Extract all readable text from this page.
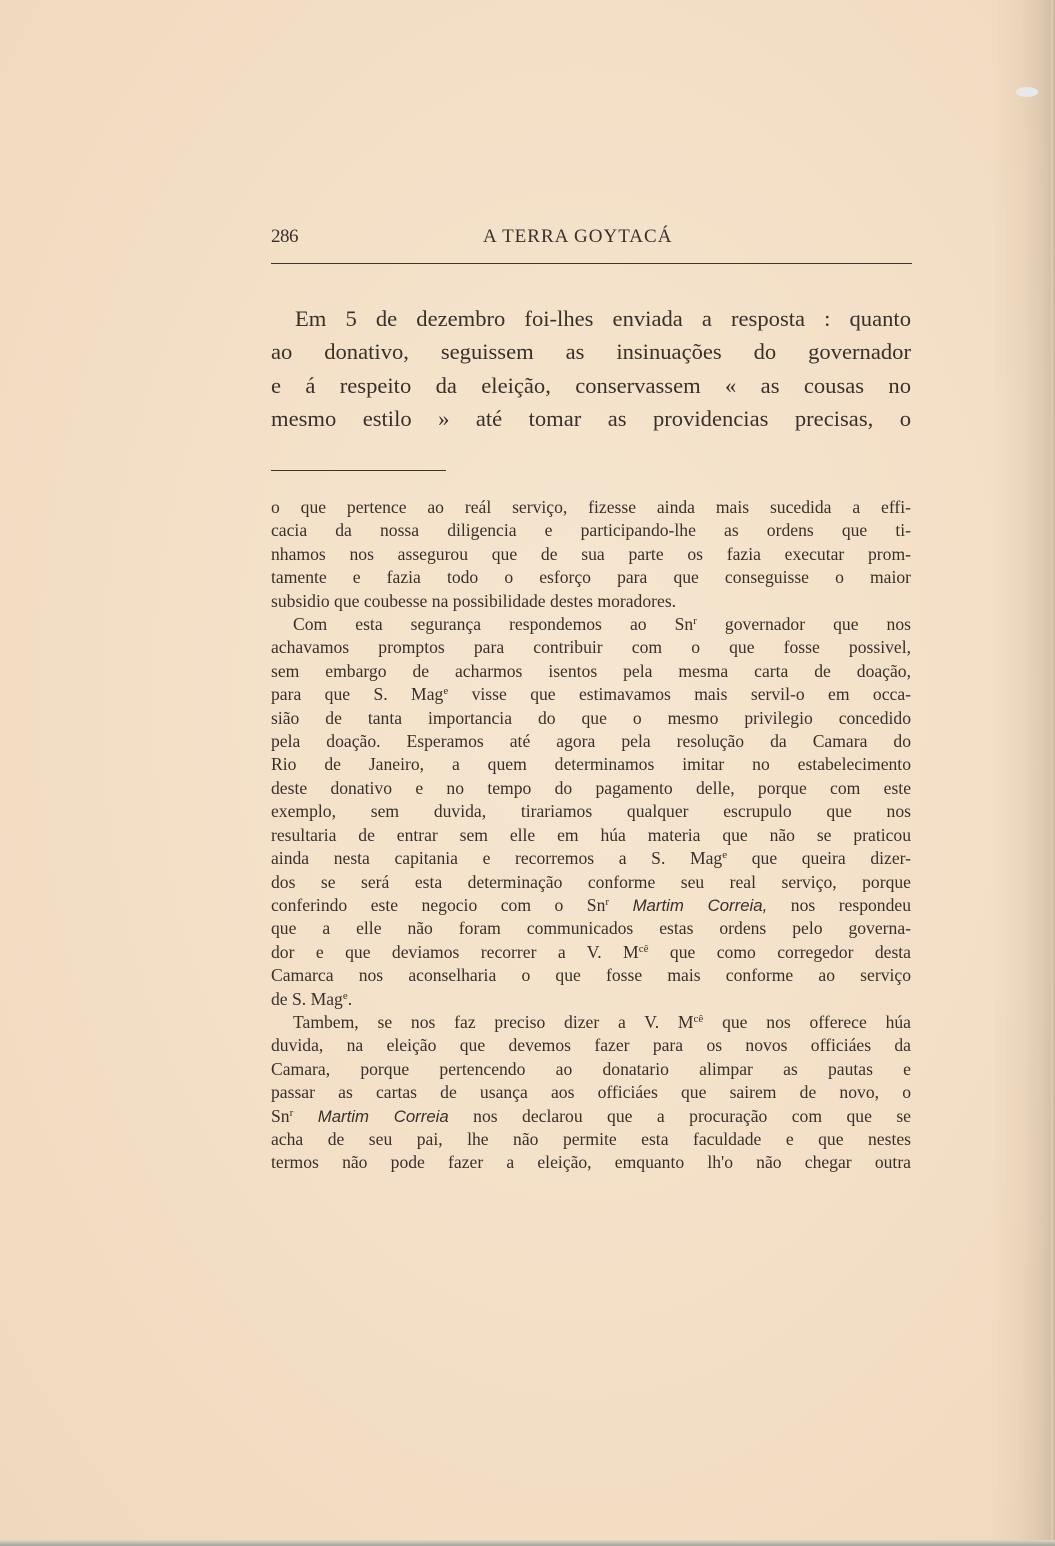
286	A TERRA GOYTACÁ
Em 5 de dezembro foi-lhes enviada a resposta : quanto
ao donativo, seguissem as insinuações do governador
e á respeito da eleição, conservassem « as cousas no
mesmo estilo » até tomar as providencias precisas, o
o que pertence ao reál serviço, fizesse ainda mais sucedida a effi-
cacia da nossa diligencia e participando-lhe as ordens que ti-
nhamos nos assegurou que de sua parte os fazia executar prom-
tamente e fazia todo o esforço para que conseguisse o maior
subsidio que coubesse na possibilidade destes moradores.
Com esta segurança respondemos ao Sn$^r$ governador que nos
achavamos promptos para contribuir com o que fosse possivel,
sem embargo de acharmos isentos pela mesma carta de doação,
para que S. Mag$^e$ visse que estimavamos mais servil-o em occa-
sião de tanta importancia do que o mesmo privilegio concedido
pela doação. Esperamos até agora pela resolução da Camara do
Rio de Janeiro, a quem determinamos imitar no estabelecimento
deste donativo e no tempo do pagamento delle, porque com este
exemplo, sem duvida, tirariamos qualquer escrupulo que nos
resultaria de entrar sem elle em húa materia que não se praticou
ainda nesta capitania e recorremos a S. Mag$^e$ que queira dizer-
dos se será esta determinação conforme seu real serviço, porque
conferindo este negocio com o Sn$^r$ Martim Correia, nos respondeu
que a elle não foram communicados estas ordens pelo governa-
dor e que deviamos recorrer a V. $M^{cê}$ que como corregedor desta
Camarca nos aconselharia o que fosse mais conforme ao serviço
de S. Mag$^e$.
Tambem, se nos faz preciso dizer a V. $M^{cê}$ que nos offerece húa
duvida, na eleição que devemos fazer para os novos officiáes da
Camara, porque pertencendo ao donatario alimpar as pautas e
passar as cartas de usança aos officiáes que sairem de novo, o
Sn$^r$ Martim Correia nos declarou que a procuração com que se
acha de seu pai, lhe não permite esta faculdade e que nestes
termos não pode fazer a eleição, emquanto lh'o não chegar outra
